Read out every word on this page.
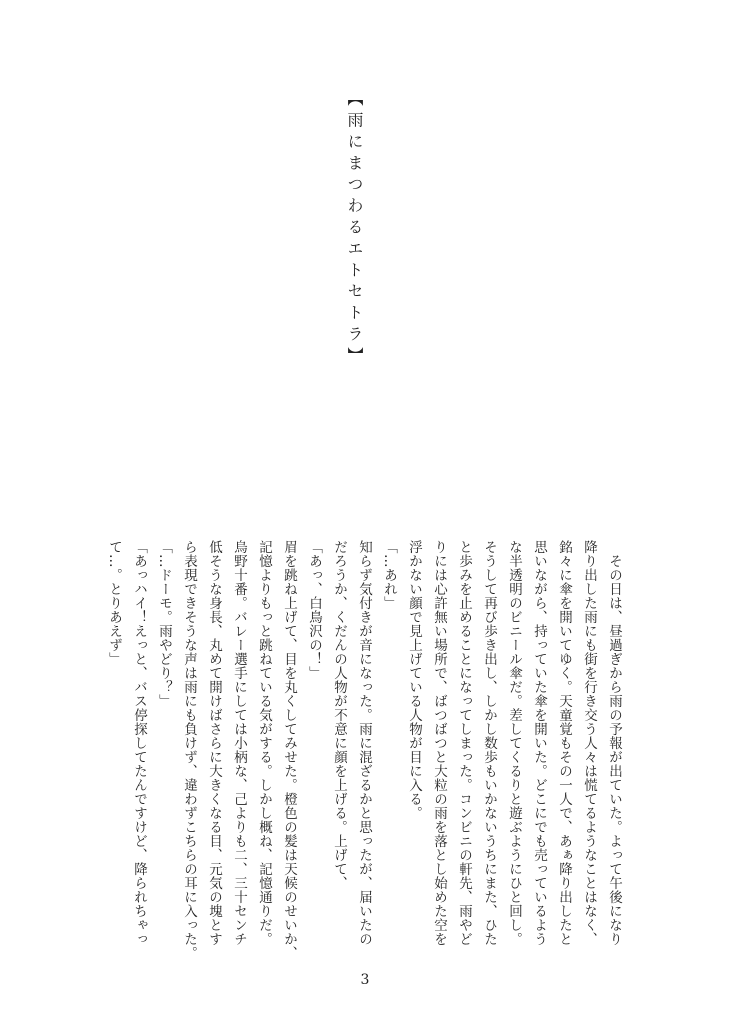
【雨にまつわるエトセトラ】

　その日は、昼過ぎから雨の予報が出ていた。よって午後になり

降り出した雨にも街を行き交う人々は慌てるようなことはなく、

銘々に傘を開いてゆく。天童覚もその一人で、あぁ降り出したと

思いながら、持っていた傘を開いた。どこにでも売っているよう

な半透明のビニール傘だ。差してくるりと遊ぶようにひと回し。

そうして再び歩き出し、しかし数歩もいかないうちにまた、ひた

と歩みを止めることになってしまった。コンビニの軒先、雨やど

りには心許無い場所で、ばつばつと大粒の雨を落とし始めた空を

浮かない顔で見上げている人物が目に入る。

「…あれ」

知らず気付きが音になった。雨に混ざるかと思ったが、届いたの

だろうか、くだんの人物が不意に顔を上げる。上げて、

「あっ、白鳥沢の！」

眉を跳ね上げて、目を丸くしてみせた。橙色の髪は天候のせいか、

記憶よりもっと跳ねている気がする。しかし概ね、記憶通りだ。

烏野十番。バレー選手にしては小柄な、己よりも二、三十センチ

低そうな身長、丸めて開けばさらに大きくなる目、元気の塊とす

ら表現できそうな声は雨にも負けず、違わずこちらの耳に入った。

「…ドーモ。雨やどり？」

「あっハイ！えっと、バス停探してたんですけど、降られちゃっ

て…。とりあえず」

3
